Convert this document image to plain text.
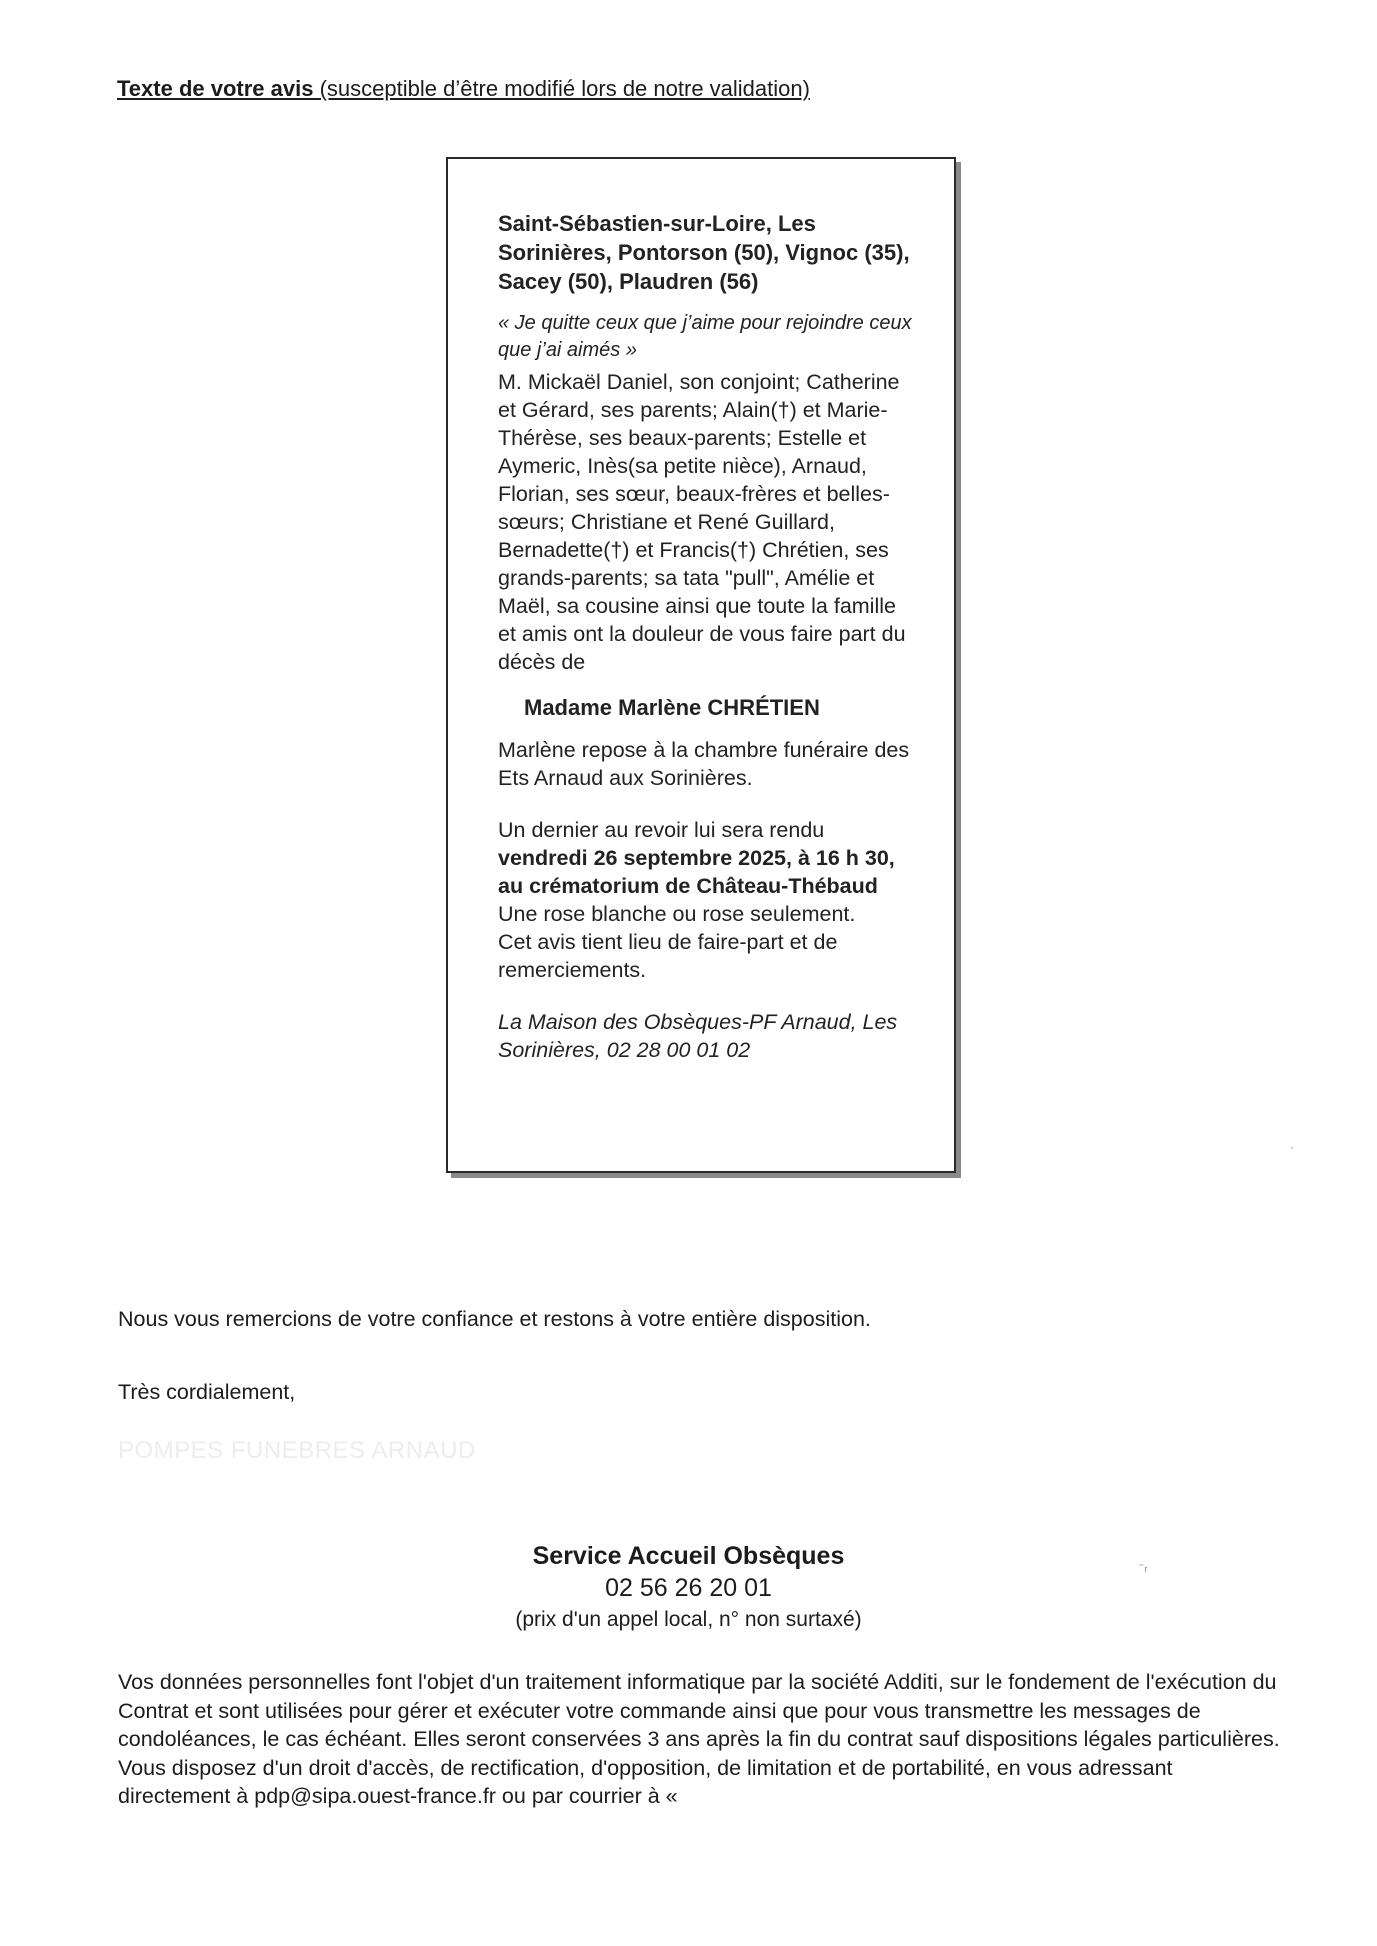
Texte de votre avis (susceptible d’être modifié lors de notre validation)
Saint-Sébastien-sur-Loire, Les Sorinières, Pontorson (50), Vignoc (35), Sacey (50), Plaudren (56)
« Je quitte ceux que j’aime pour rejoindre ceux que j’ai aimés »
M. Mickaël Daniel, son conjoint; Catherine et Gérard, ses parents; Alain(†) et Marie-Thérèse, ses beaux-parents; Estelle et Aymeric, Inès(sa petite nièce), Arnaud, Florian, ses sœur, beaux-frères et belles-sœurs; Christiane et René Guillard, Bernadette(†) et Francis(†) Chrétien, ses grands-parents; sa tata "pull", Amélie et Maël, sa cousine ainsi que toute la famille et amis ont la douleur de vous faire part du décès de
Madame Marlène CHRÉTIEN
Marlène repose à la chambre funéraire des Ets Arnaud aux Sorinières.
Un dernier au revoir lui sera rendu
vendredi 26 septembre 2025, à 16 h 30, au crématorium de Château-Thébaud
Une rose blanche ou rose seulement.
Cet avis tient lieu de faire-part et de remerciements.
La Maison des Obsèques-PF Arnaud, Les Sorinières, 02 28 00 01 02
Nous vous remercions de votre confiance et restons à votre entière disposition.
Très cordialement,
POMPES FUNEBRES ARNAUD
Service Accueil Obsèques
02 56 26 20 01
(prix d'un appel local, n° non surtaxé)
Vos données personnelles font l'objet d'un traitement informatique par la société Additi, sur le fondement de l'exécution du Contrat et sont utilisées pour gérer et exécuter votre commande ainsi que pour vous transmettre les messages de condoléances, le cas échéant. Elles seront conservées 3 ans après la fin du contrat sauf dispositions légales particulières. Vous disposez d'un droit d'accès, de rectification, d'opposition, de limitation et de portabilité, en vous adressant directement à pdp@sipa.ouest-france.fr ou par courrier à «
⁻ᵣ
·
